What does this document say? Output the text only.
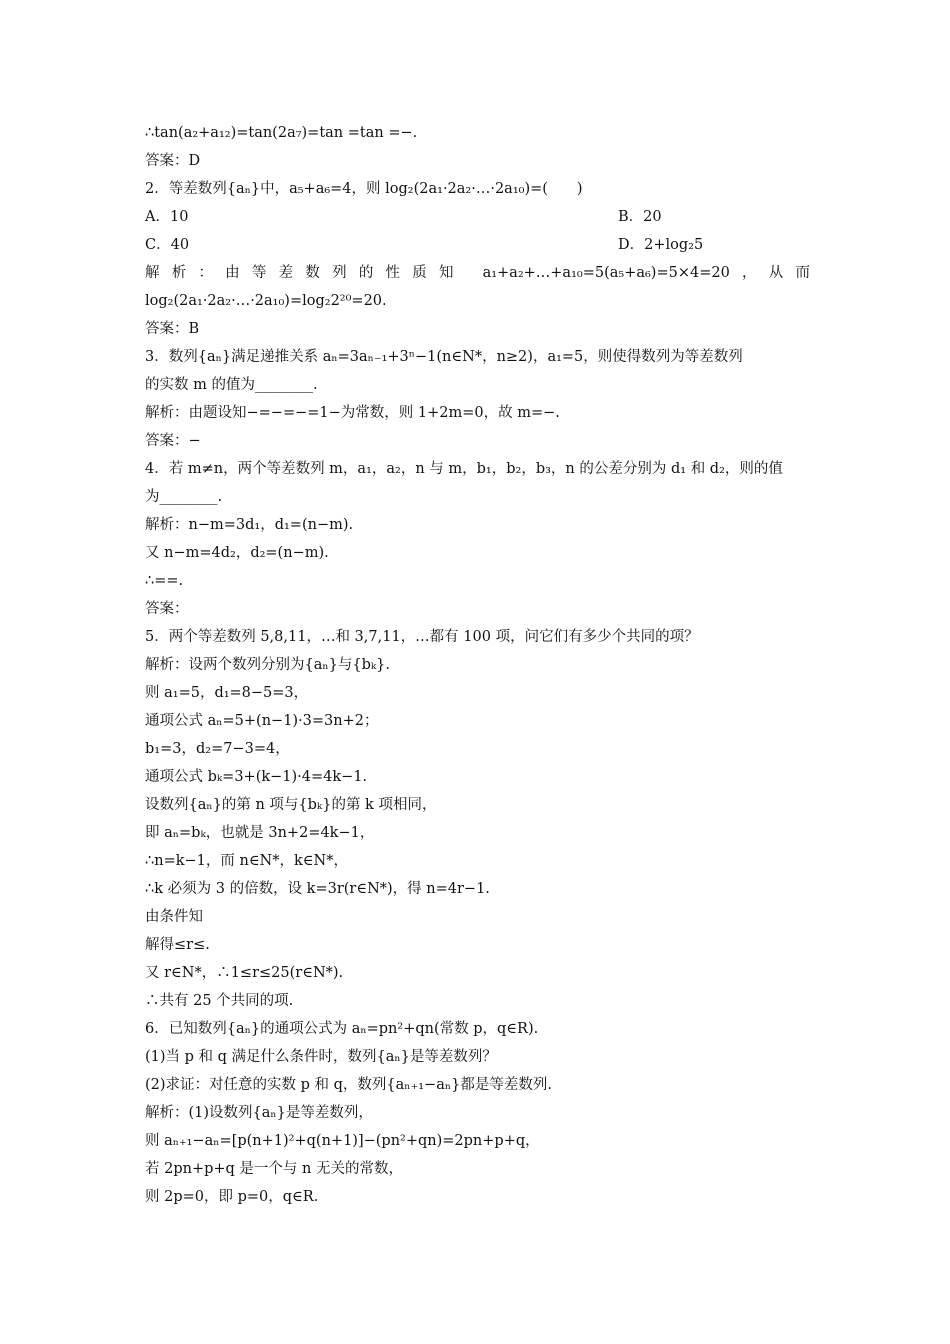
∴tan(a₂+a₁₂)=tan(2a₇)=tan =tan =−.
答案：D
2．等差数列{aₙ}中，a₅+a₆=4，则 log₂(2a₁·2a₂·…·2a₁₀)=(　　)
A．10	B．20
C．40	D．2+log₂5
解析：由等差数列的性质知 a₁+a₂+…+a₁₀=5(a₅+a₆)=5×4=20，从而
log₂(2a₁·2a₂·…·2a₁₀)=log₂2²⁰=20.
答案：B
3．数列{aₙ}满足递推关系 aₙ=3aₙ₋₁+3ⁿ−1(n∈N*，n≥2)，a₁=5，则使得数列为等差数列
的实数 m 的值为________.
解析：由题设知−=−=−=1−为常数，则 1+2m=0，故 m=−.
答案：−
4．若 m≠n，两个等差数列 m，a₁，a₂，n 与 m，b₁，b₂，b₃，n 的公差分别为 d₁ 和 d₂，则的值
为________.
解析：n−m=3d₁，d₁=(n−m).
又 n−m=4d₂，d₂=(n−m).
∴==.
答案：
5．两个等差数列 5,8,11，…和 3,7,11，…都有 100 项，问它们有多少个共同的项？
解析：设两个数列分别为{aₙ}与{bₖ}.
则 a₁=5，d₁=8−5=3，
通项公式 aₙ=5+(n−1)·3=3n+2；
b₁=3，d₂=7−3=4，
通项公式 bₖ=3+(k−1)·4=4k−1.
设数列{aₙ}的第 n 项与{bₖ}的第 k 项相同，
即 aₙ=bₖ，也就是 3n+2=4k−1，
∴n=k−1，而 n∈N*，k∈N*，
∴k 必须为 3 的倍数，设 k=3r(r∈N*)，得 n=4r−1.
由条件知
解得≤r≤.
又 r∈N*，∴1≤r≤25(r∈N*).
∴共有 25 个共同的项.
6．已知数列{aₙ}的通项公式为 aₙ=pn²+qn(常数 p，q∈R).
(1)当 p 和 q 满足什么条件时，数列{aₙ}是等差数列？
(2)求证：对任意的实数 p 和 q，数列{aₙ₊₁−aₙ}都是等差数列.
解析：(1)设数列{aₙ}是等差数列，
则 aₙ₊₁−aₙ=[p(n+1)²+q(n+1)]−(pn²+qn)=2pn+p+q，
若 2pn+p+q 是一个与 n 无关的常数，
则 2p=0，即 p=0，q∈R.
